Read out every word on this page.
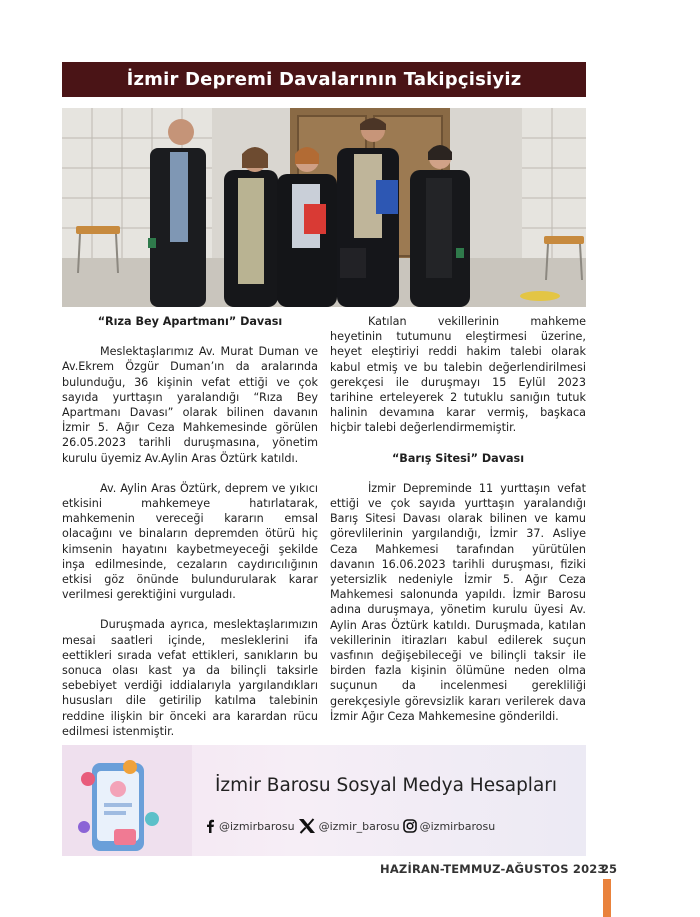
İzmir Depremi Davalarının Takipçisiyiz
“Rıza Bey Apartmanı” Davası

Meslektaşlarımız Av. Murat Duman ve Av.Ekrem Özgür Duman’ın da aralarında bulunduğu, 36 kişinin vefat ettiği ve çok sayıda yurttaşın yaralandığı “Rıza Bey Apartmanı Davası” olarak bilinen davanın İzmir 5. Ağır Ceza Mahkemesinde görülen 26.05.2023 tarihli duruşmasına, yönetim kurulu üyemiz Av.Aylin Aras Öztürk katıldı.

Av. Aylin Aras Öztürk, deprem ve yıkıcı etkisini mahkemeye hatırlatarak, mahkemenin vereceği kararın emsal olacağını ve binaların depremden ötürü hiç kimsenin hayatını kaybetmeyeceği şekilde inşa edilmesinde, cezaların caydırıcılığının etkisi göz önünde bulundurularak karar verilmesi gerektiğini vurguladı.

Duruşmada ayrıca, meslektaşlarımızın mesai saatleri içinde, mesleklerini ifa eettikleri sırada vefat ettikleri, sanıkların bu sonuca olası kast ya da bilinçli taksirle sebebiyet verdiği iddialarıyla yargılandıkları hususları dile getirilip katılma talebinin reddine ilişkin bir önceki ara karardan rücu edilmesi istenmiştir.

Katılan vekillerinin mahkeme heyetinin tutumunu eleştirmesi üzerine, heyet eleştiriyi reddi hakim talebi olarak kabul etmiş ve bu talebin değerlendirilmesi gerekçesi ile duruşmayı 15 Eylül 2023 tarihine erteleyerek 2 tutuklu sanığın tutuk halinin devamına karar vermiş, başkaca hiçbir talebi değerlendirmemiştir.

“Barış Sitesi” Davası

İzmir Depreminde 11 yurttaşın vefat ettiği ve çok sayıda yurttaşın yaralandığı Barış Sitesi Davası olarak bilinen ve kamu görevlilerinin yargılandığı, İzmir 37. Asliye Ceza Mahkemesi tarafından yürütülen davanın 16.06.2023 tarihli duruşması, fiziki yetersizlik nedeniyle İzmir 5. Ağır Ceza Mahkemesi salonunda yapıldı. İzmir Barosu adına duruşmaya, yönetim kurulu üyesi Av. Aylin Aras Öztürk katıldı. Duruşmada, katılan vekillerinin itirazları kabul edilerek suçun vasfının değişebileceği ve bilinçli taksir ile birden fazla kişinin ölümüne neden olma suçunun da incelenmesi gerekliliği gerekçesiyle görevsizlik kararı verilerek dava İzmir Ağır Ceza Mahkemesine gönderildi.

İzmir Barosu Sosyal Medya Hesapları
@izmirbarosu @izmir_barosu @izmirbarosu
HAZİRAN-TEMMUZ-AĞUSTOS 2023
25
